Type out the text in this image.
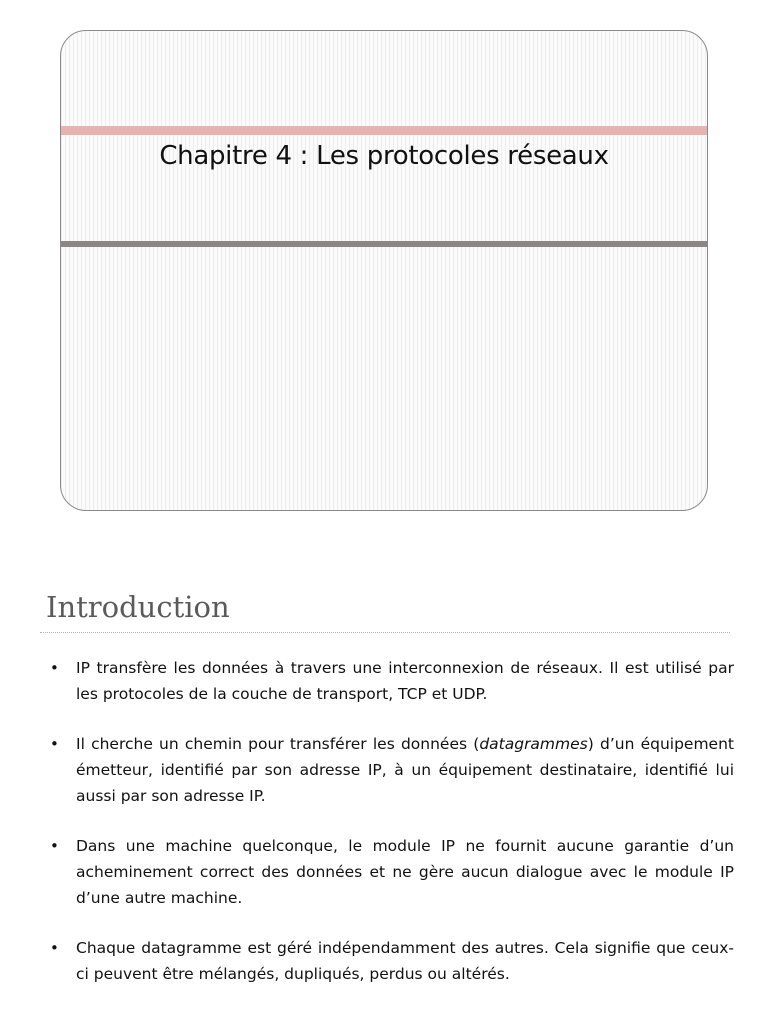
Chapitre 4 : Les protocoles réseaux
Introduction
• IP transfère les données à travers une interconnexion de réseaux. Il est utilisé par les protocoles de la couche de transport, TCP et UDP.
• Il cherche un chemin pour transférer les données (datagrammes) d’un équipement émetteur, identifié par son adresse IP, à un équipement destinataire, identifié lui aussi par son adresse IP.
• Dans une machine quelconque, le module IP ne fournit aucune garantie d’un acheminement correct des données et ne gère aucun dialogue avec le module IP d’une autre machine.
• Chaque datagramme est géré indépendamment des autres. Cela signifie que ceux-ci peuvent être mélangés, dupliqués, perdus ou altérés.
